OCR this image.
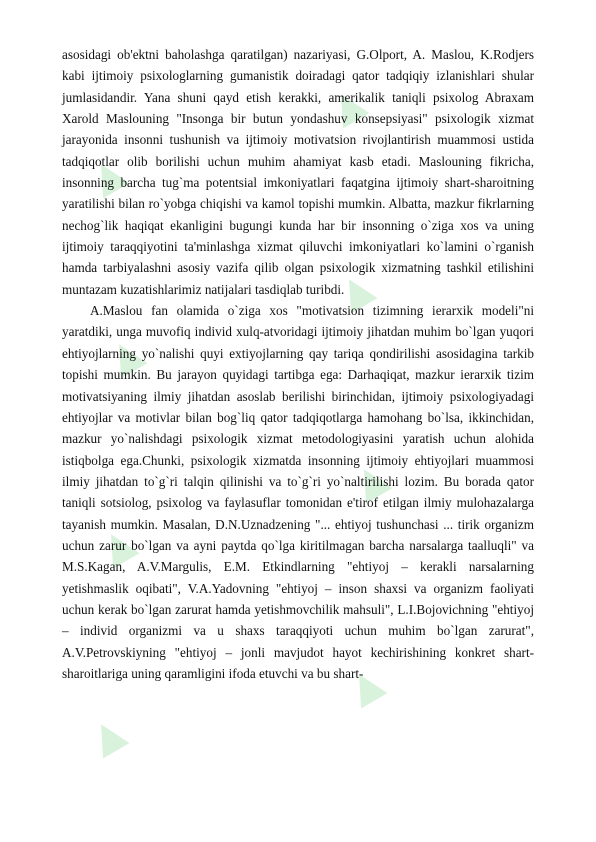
▲
▲
▲
▲
▲
▲
▲
▲

asosidagi ob'ektni baholashga qaratilgan) nazariyasi, G.Olport, A. Maslou, K.Rodjers kabi ijtimoiy psixologlarning gumanistik doiradagi qator tadqiqiy izlanishlari shular jumlasidandir. Yana shuni qayd etish kerakki, amerikalik taniqli psixolog Abraxam Xarold Maslouning "Insonga bir butun yondashuv konsepsiyasi" psixologik xizmat jarayonida insonni tushunish va ijtimoiy motivatsion rivojlantirish muammosi ustida tadqiqotlar olib borilishi uchun muhim ahamiyat kasb etadi. Maslouning fikricha, insonning barcha tug`ma potentsial imkoniyatlari faqatgina ijtimoiy shart-sharoitning yaratilishi bilan ro`yobga chiqishi va kamol topishi mumkin. Albatta, mazkur fikrlarning nechog`lik haqiqat ekanligini bugungi kunda har bir insonning o`ziga xos va uning ijtimoiy taraqqiyotini ta'minlashga xizmat qiluvchi imkoniyatlari ko`lamini o`rganish hamda tarbiyalashni asosiy vazifa qilib olgan psixologik xizmatning tashkil etilishini muntazam kuzatishlarimiz natijalari tasdiqlab turibdi.

A.Maslou fan olamida o`ziga xos "motivatsion tizimning ierarxik modeli"ni yaratdiki, unga muvofiq individ xulq-atvoridagi ijtimoiy jihatdan muhim bo`lgan yuqori ehtiyojlarning yo`nalishi quyi extiyojlarning qay tariqa qondirilishi asosidagina tarkib topishi mumkin. Bu jarayon quyidagi tartibga ega: Darhaqiqat, mazkur ierarxik tizim motivatsiyaning ilmiy jihatdan asoslab berilishi birinchidan, ijtimoiy psixologiyadagi ehtiyojlar va motivlar bilan bog`liq qator tadqiqotlarga hamohang bo`lsa, ikkinchidan, mazkur yo`nalishdagi psixologik xizmat metodologiyasini yaratish uchun alohida istiqbolga ega.Chunki, psixologik xizmatda insonning ijtimoiy ehtiyojlari muammosi ilmiy jihatdan to`g`ri talqin qilinishi va to`g`ri yo`naltirilishi lozim. Bu borada qator taniqli sotsiolog, psixolog va faylasuflar tomonidan e'tirof etilgan ilmiy mulohazalarga tayanish mumkin. Masalan, D.N.Uznadzening "... ehtiyoj tushunchasi ... tirik organizm uchun zarur bo`lgan va ayni paytda qo`lga kiritilmagan barcha narsalarga taalluqli" va M.S.Kagan, A.V.Margulis, E.M. Etkindlarning "ehtiyoj – kerakli narsalarning yetishmaslik oqibati", V.A.Yadovning "ehtiyoj – inson shaxsi va organizm faoliyati uchun kerak bo`lgan zarurat hamda yetishmovchilik mahsuli", L.I.Bojovichning "ehtiyoj – individ organizmi va u shaxs taraqqiyoti uchun muhim bo`lgan zarurat", A.V.Petrovskiyning "ehtiyoj – jonli mavjudot hayot kechirishining konkret shart-sharoitlariga uning qaramligini ifoda etuvchi va bu shart-
